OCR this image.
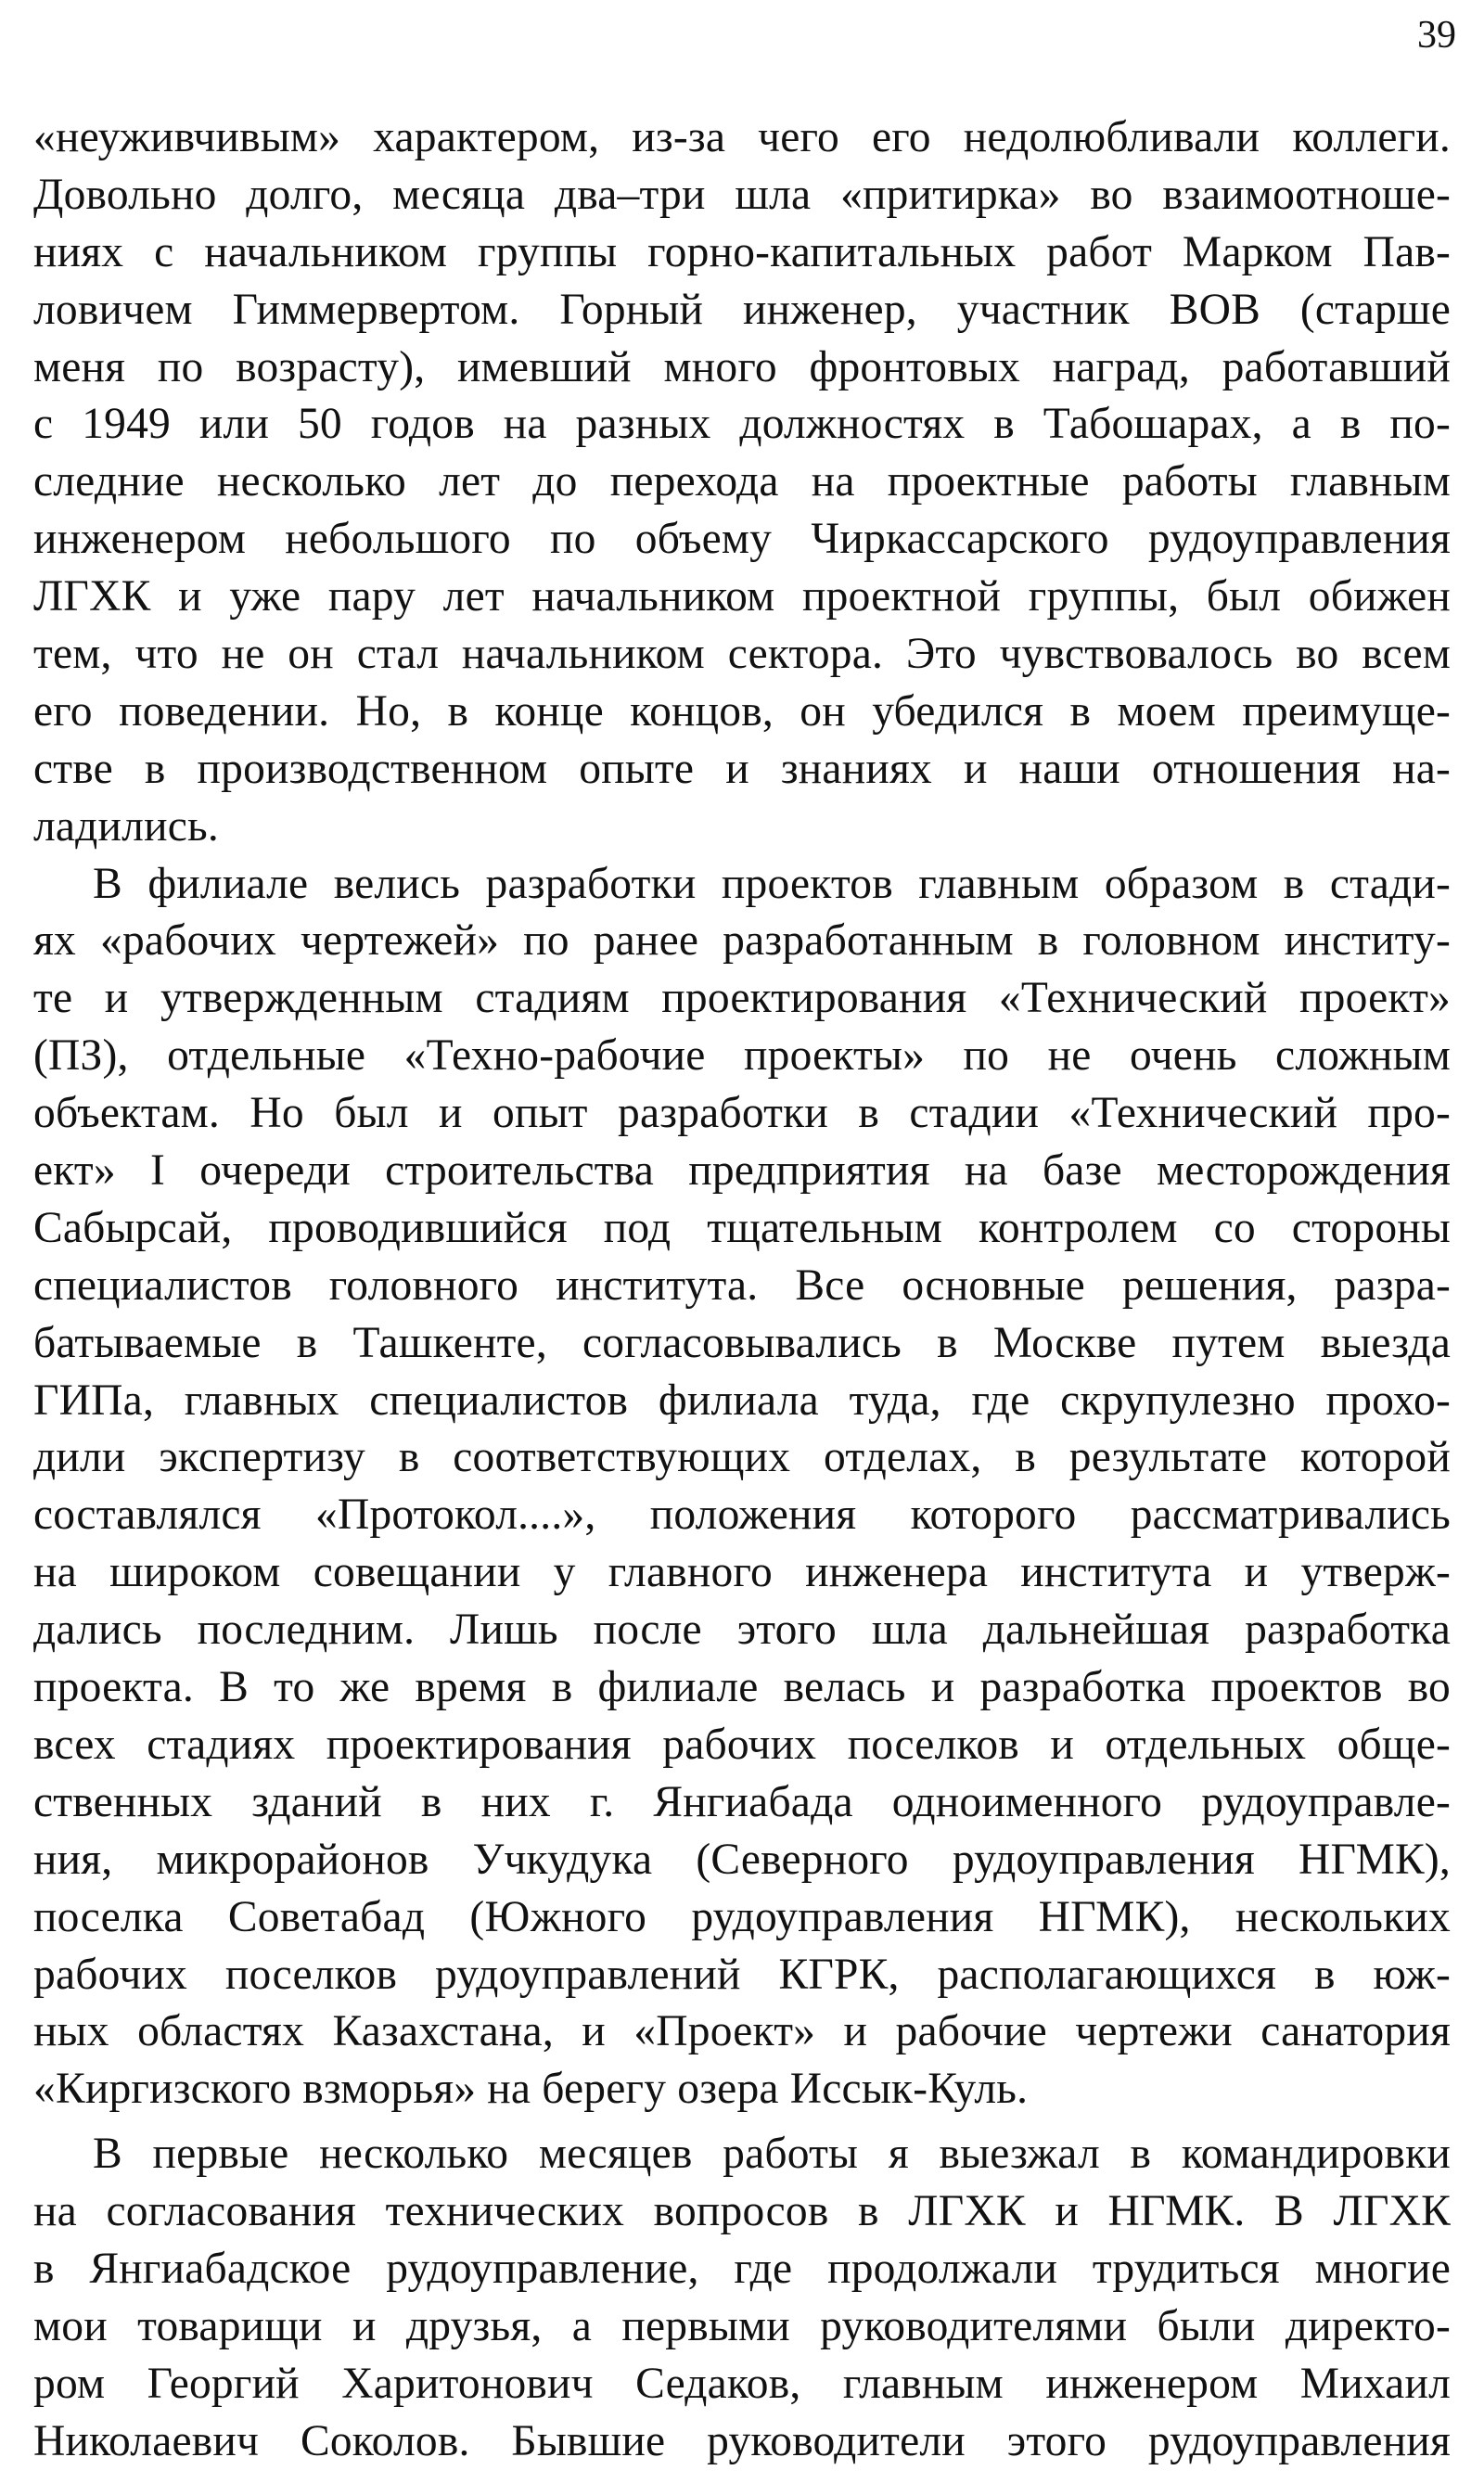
39
«неуживчивым» характером, из-за чего его недолюбливали коллеги.
Довольно долго, месяца два–три шла «притирка» во взаимоотноше-
ниях с начальником группы горно-капитальных работ Марком Пав-
ловичем Гиммервертом. Горный инженер, участник ВОВ (старше
меня по возрасту), имевший много фронтовых наград, работавший
с 1949 или 50 годов на разных должностях в Табошарах, а в по-
следние несколько лет до перехода на проектные работы главным
инженером небольшого по объему Чиркассарского рудоуправления
ЛГХК и уже пару лет начальником проектной группы, был обижен
тем, что не он стал начальником сектора. Это чувствовалось во всем
его поведении. Но, в конце концов, он убедился в моем преимуще-
стве в производственном опыте и знаниях и наши отношения на-
ладились.
В филиале велись разработки проектов главным образом в стади-
ях «рабочих чертежей» по ранее разработанным в головном институ-
те и утвержденным стадиям проектирования «Технический проект»
(ПЗ), отдельные «Техно-рабочие проекты» по не очень сложным
объектам. Но был и опыт разработки в стадии «Технический про-
ект» I очереди строительства предприятия на базе месторождения
Сабырсай, проводившийся под тщательным контролем со стороны
специалистов головного института. Все основные решения, разра-
батываемые в Ташкенте, согласовывались в Москве путем выезда
ГИПа, главных специалистов филиала туда, где скрупулезно прохо-
дили экспертизу в соответствующих отделах, в результате которой
составлялся «Протокол....», положения которого рассматривались
на широком совещании у главного инженера института и утверж-
дались последним. Лишь после этого шла дальнейшая разработка
проекта. В то же время в филиале велась и разработка проектов во
всех стадиях проектирования рабочих поселков и отдельных обще-
ственных зданий в них г. Янгиабада одноименного рудоуправле-
ния, микрорайонов Учкудука (Северного рудоуправления НГМК),
поселка Советабад (Южного рудоуправления НГМК), нескольких
рабочих поселков рудоуправлений КГРК, располагающихся в юж-
ных областях Казахстана, и «Проект» и рабочие чертежи санатория
«Киргизского взморья» на берегу озера Иссык-Куль.
В первые несколько месяцев работы я выезжал в командировки
на согласования технических вопросов в ЛГХК и НГМК. В ЛГХК
в Янгиабадское рудоуправление, где продолжали трудиться многие
мои товарищи и друзья, а первыми руководителями были директо-
ром Георгий Харитонович Седаков, главным инженером Михаил
Николаевич Соколов. Бывшие руководители этого рудоуправления
